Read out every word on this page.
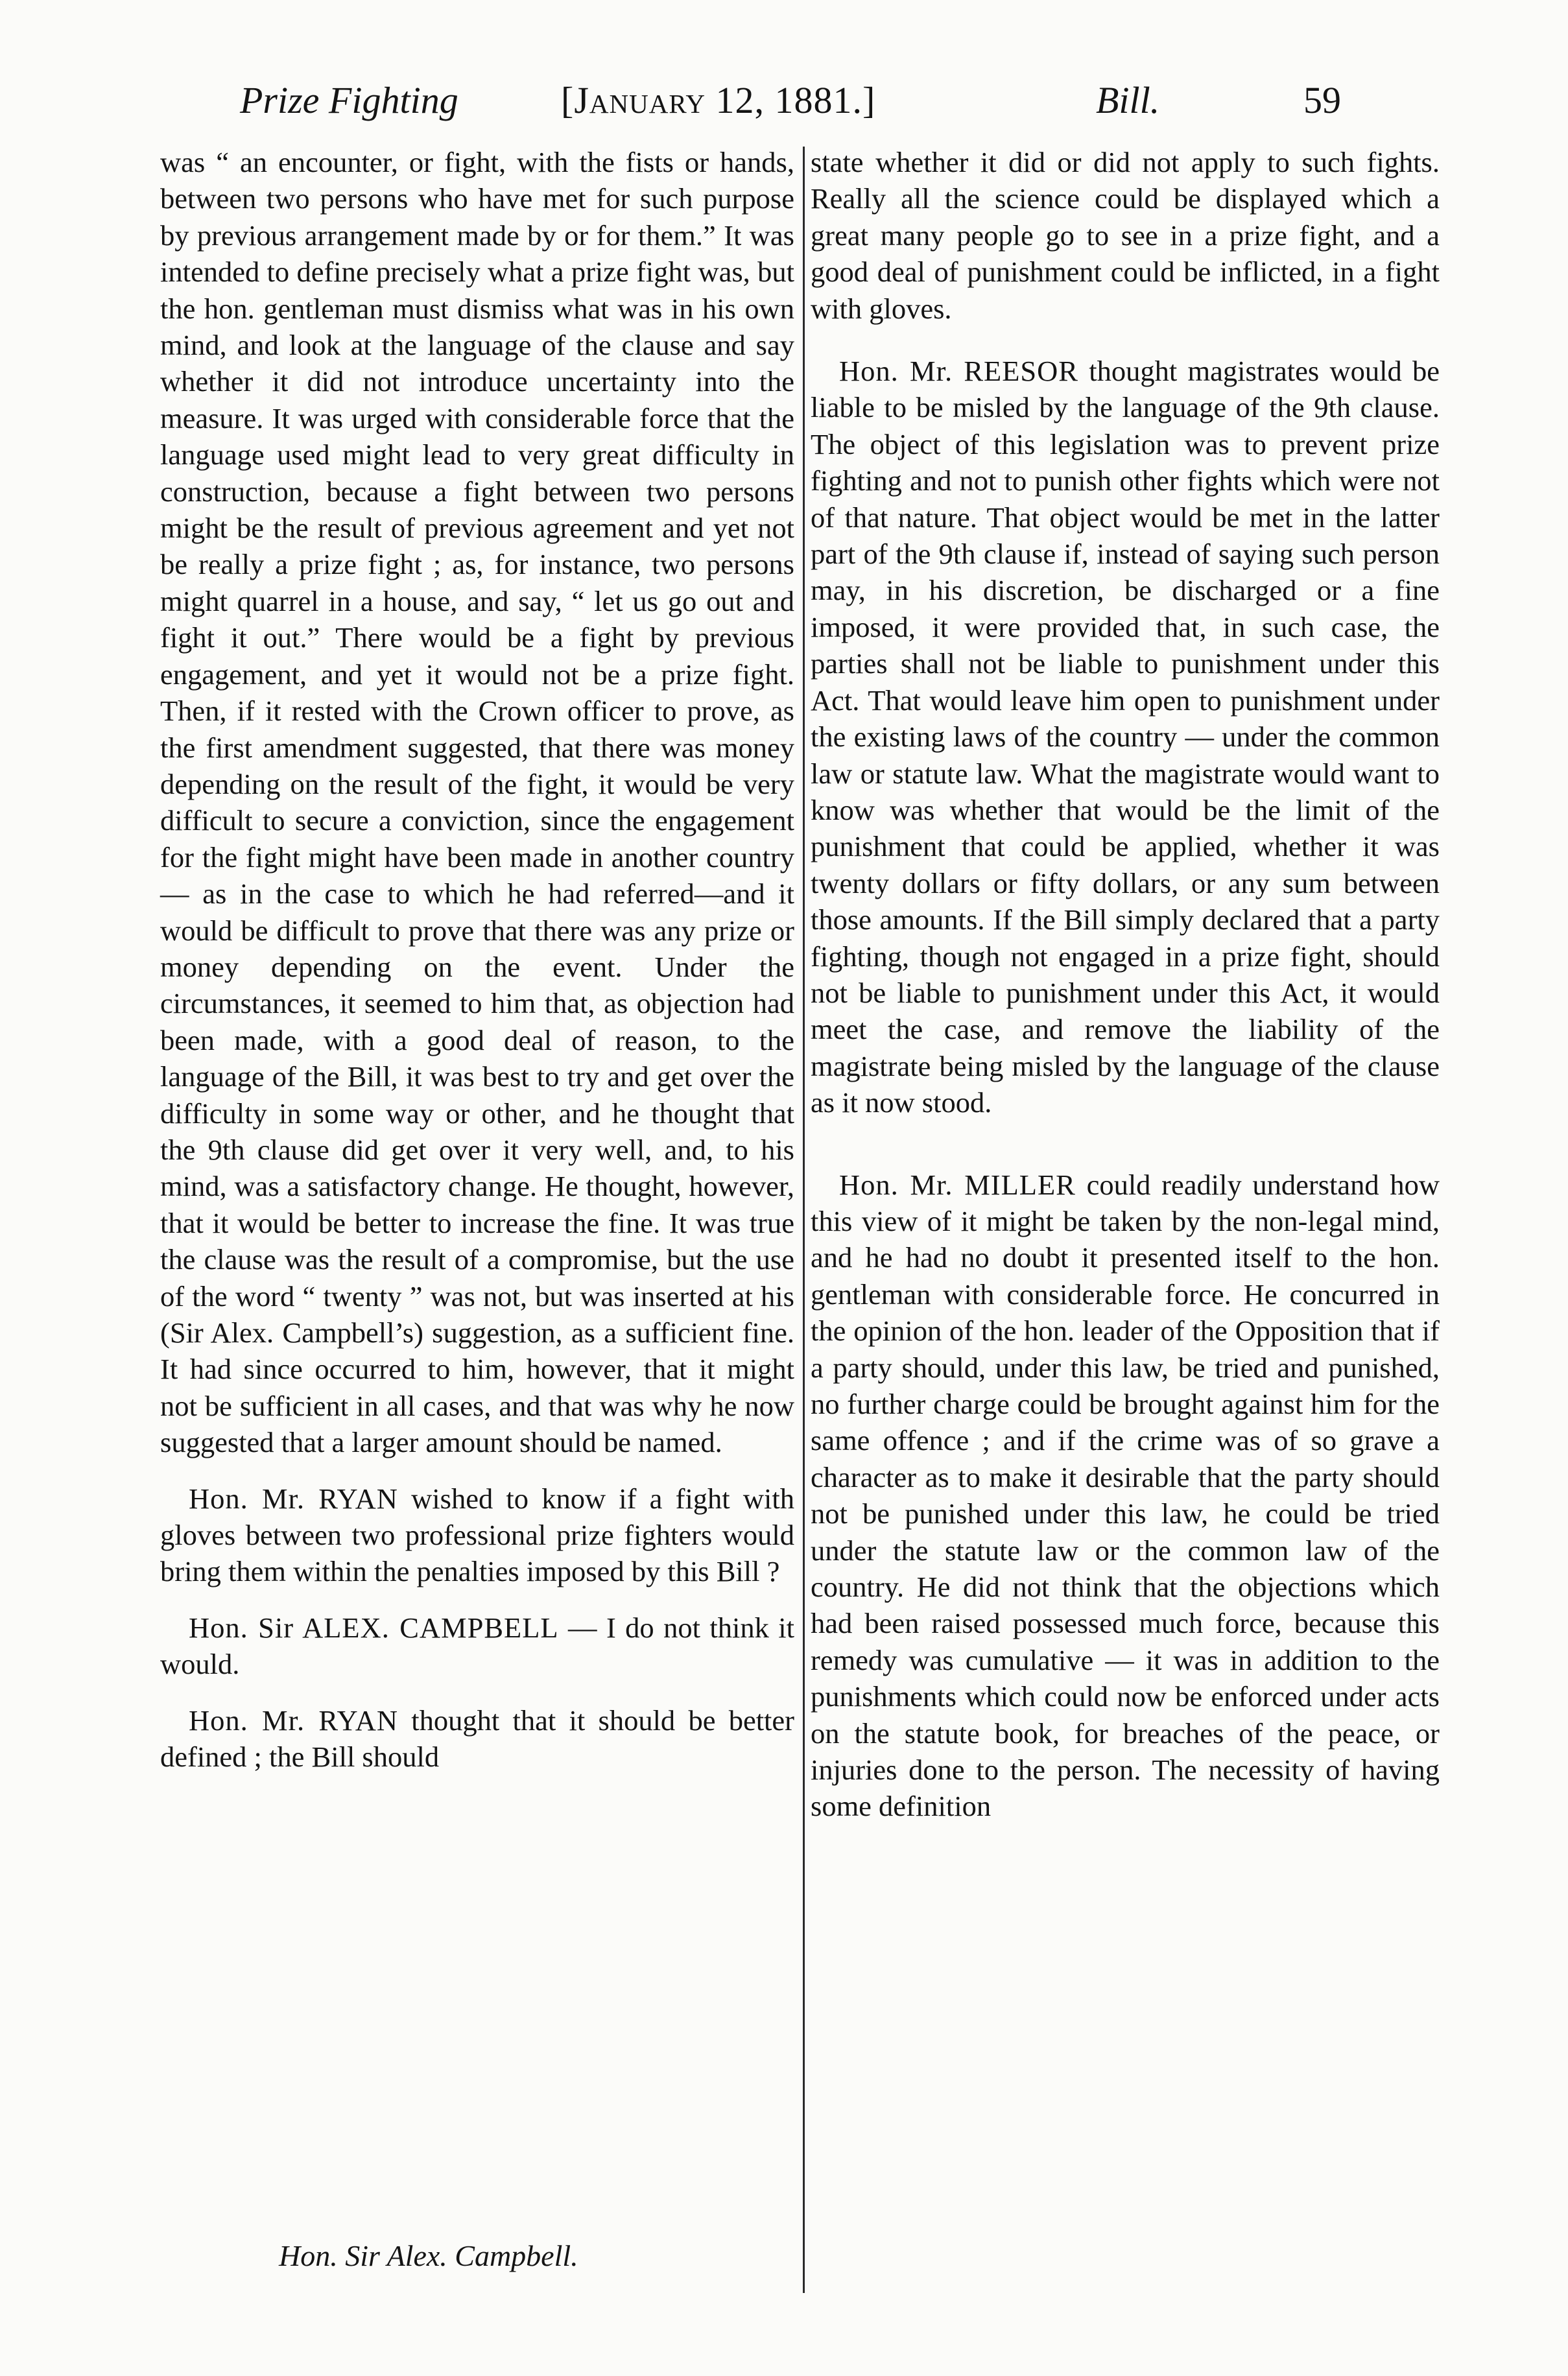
Prize Fighting	[January 12, 1881.]	Bill.	59

was “ an encounter, or fight, with the fists or hands, between two persons who have met for such purpose by previous arrangement made by or for them.” It was intended to define precisely what a prize fight was, but the hon. gentleman must dismiss what was in his own mind, and look at the language of the clause and say whether it did not introduce uncertainty into the measure. It was urged with considerable force that the language used might lead to very great difficulty in construction, because a fight between two persons might be the result of previous agreement and yet not be really a prize fight ; as, for instance, two persons might quarrel in a house, and say, “ let us go out and fight it out.” There would be a fight by previous engagement, and yet it would not be a prize fight. Then, if it rested with the Crown officer to prove, as the first amendment suggested, that there was money depending on the result of the fight, it would be very difficult to secure a conviction, since the engagement for the fight might have been made in another country — as in the case to which he had referred—and it would be difficult to prove that there was any prize or money depending on the event. Under the circumstances, it seemed to him that, as objection had been made, with a good deal of reason, to the language of the Bill, it was best to try and get over the difficulty in some way or other, and he thought that the 9th clause did get over it very well, and, to his mind, was a satisfactory change. He thought, however, that it would be better to increase the fine. It was true the clause was the result of a compromise, but the use of the word “ twenty ” was not, but was inserted at his (Sir Alex. Campbell’s) suggestion, as a sufficient fine. It had since occurred to him, however, that it might not be sufficient in all cases, and that was why he now suggested that a larger amount should be named.

Hon. Mr. RYAN wished to know if a fight with gloves between two professional prize fighters would bring them within the penalties imposed by this Bill ?

Hon. Sir ALEX. CAMPBELL — I do not think it would.

Hon. Mr. RYAN thought that it should be better defined ; the Bill should

state whether it did or did not apply to such fights. Really all the science could be displayed which a great many people go to see in a prize fight, and a good deal of punishment could be inflicted, in a fight with gloves.

Hon. Mr. REESOR thought magistrates would be liable to be misled by the language of the 9th clause. The object of this legislation was to prevent prize fighting and not to punish other fights which were not of that nature. That object would be met in the latter part of the 9th clause if, instead of saying such person may, in his discretion, be discharged or a fine imposed, it were provided that, in such case, the parties shall not be liable to punishment under this Act. That would leave him open to punishment under the existing laws of the country — under the common law or statute law. What the magistrate would want to know was whether that would be the limit of the punishment that could be applied, whether it was twenty dollars or fifty dollars, or any sum between those amounts. If the Bill simply declared that a party fighting, though not engaged in a prize fight, should not be liable to punishment under this Act, it would meet the case, and remove the liability of the magistrate being misled by the language of the clause as it now stood.

Hon. Mr. MILLER could readily understand how this view of it might be taken by the non-legal mind, and he had no doubt it presented itself to the hon. gentleman with considerable force. He concurred in the opinion of the hon. leader of the Opposition that if a party should, under this law, be tried and punished, no further charge could be brought against him for the same offence ; and if the crime was of so grave a character as to make it desirable that the party should not be punished under this law, he could be tried under the statute law or the common law of the country. He did not think that the objections which had been raised possessed much force, because this remedy was cumulative — it was in addition to the punishments which could now be enforced under acts on the statute book, for breaches of the peace, or injuries done to the person. The necessity of having some definition

Hon. Sir Alex. Campbell.
